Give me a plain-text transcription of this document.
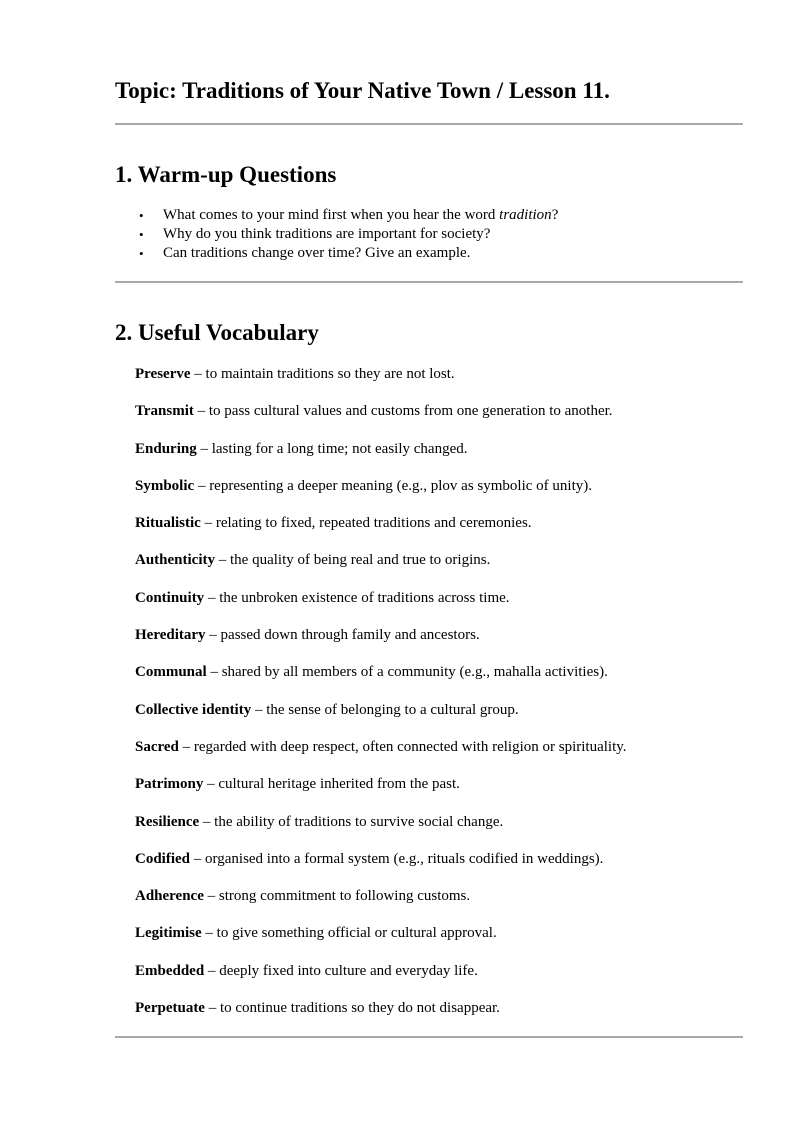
Topic: Traditions of Your Native Town / Lesson 11.
1. Warm-up Questions
• What comes to your mind first when you hear the word tradition?
• Why do you think traditions are important for society?
• Can traditions change over time? Give an example.
2. Useful Vocabulary
Preserve – to maintain traditions so they are not lost.
Transmit – to pass cultural values and customs from one generation to another.
Enduring – lasting for a long time; not easily changed.
Symbolic – representing a deeper meaning (e.g., plov as symbolic of unity).
Ritualistic – relating to fixed, repeated traditions and ceremonies.
Authenticity – the quality of being real and true to origins.
Continuity – the unbroken existence of traditions across time.
Hereditary – passed down through family and ancestors.
Communal – shared by all members of a community (e.g., mahalla activities).
Collective identity – the sense of belonging to a cultural group.
Sacred – regarded with deep respect, often connected with religion or spirituality.
Patrimony – cultural heritage inherited from the past.
Resilience – the ability of traditions to survive social change.
Codified – organised into a formal system (e.g., rituals codified in weddings).
Adherence – strong commitment to following customs.
Legitimise – to give something official or cultural approval.
Embedded – deeply fixed into culture and everyday life.
Perpetuate – to continue traditions so they do not disappear.
